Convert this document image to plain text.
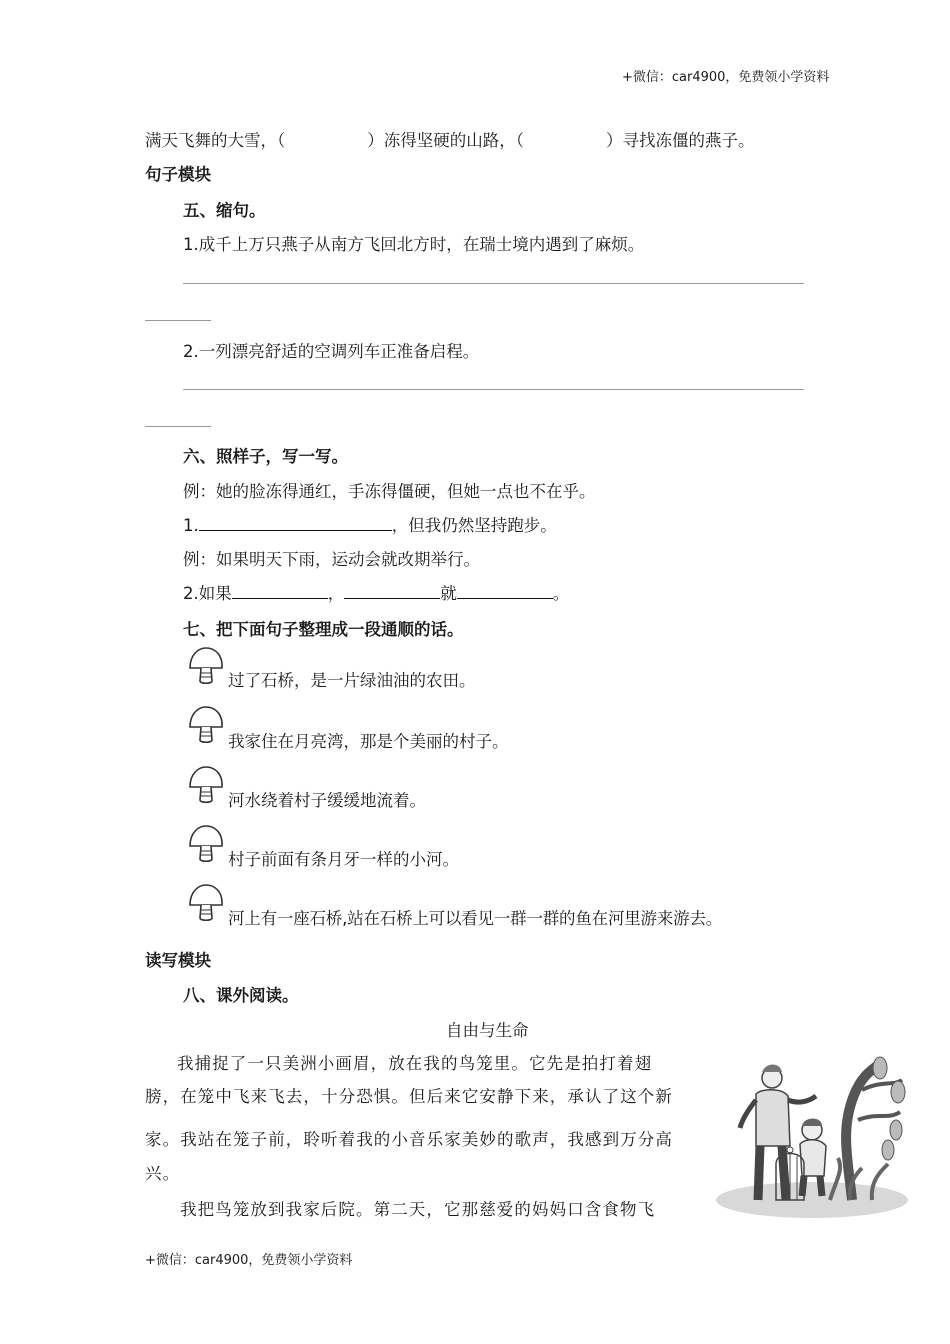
+微信：car4900，免费领小学资料
满天飞舞的大雪，（	）冻得坚硬的山路，（	）寻找冻僵的燕子。
句子模块
五、缩句。
1.成千上万只燕子从南方飞回北方时，在瑞士境内遇到了麻烦。
2.一列漂亮舒适的空调列车正准备启程。
六、照样子，写一写。
例：她的脸冻得通红，手冻得僵硬，但她一点也不在乎。
1.	，但我仍然坚持跑步。
例：如果明天下雨，运动会就改期举行。
2.如果	，	就	。
七、把下面句子整理成一段通顺的话。
过了石桥，是一片绿油油的农田。
我家住在月亮湾，那是个美丽的村子。
河水绕着村子缓缓地流着。
村子前面有条月牙一样的小河。
河上有一座石桥,站在石桥上可以看见一群一群的鱼在河里游来游去。
读写模块
八、课外阅读。
自由与生命
我捕捉了一只美洲小画眉，放在我的鸟笼里。它先是拍打着翅
膀，在笼中飞来飞去，十分恐惧。但后来它安静下来，承认了这个新
家。我站在笼子前，聆听着我的小音乐家美妙的歌声，我感到万分高
兴。
我把鸟笼放到我家后院。第二天，它那慈爱的妈妈口含食物飞
+微信：car4900，免费领小学资料
